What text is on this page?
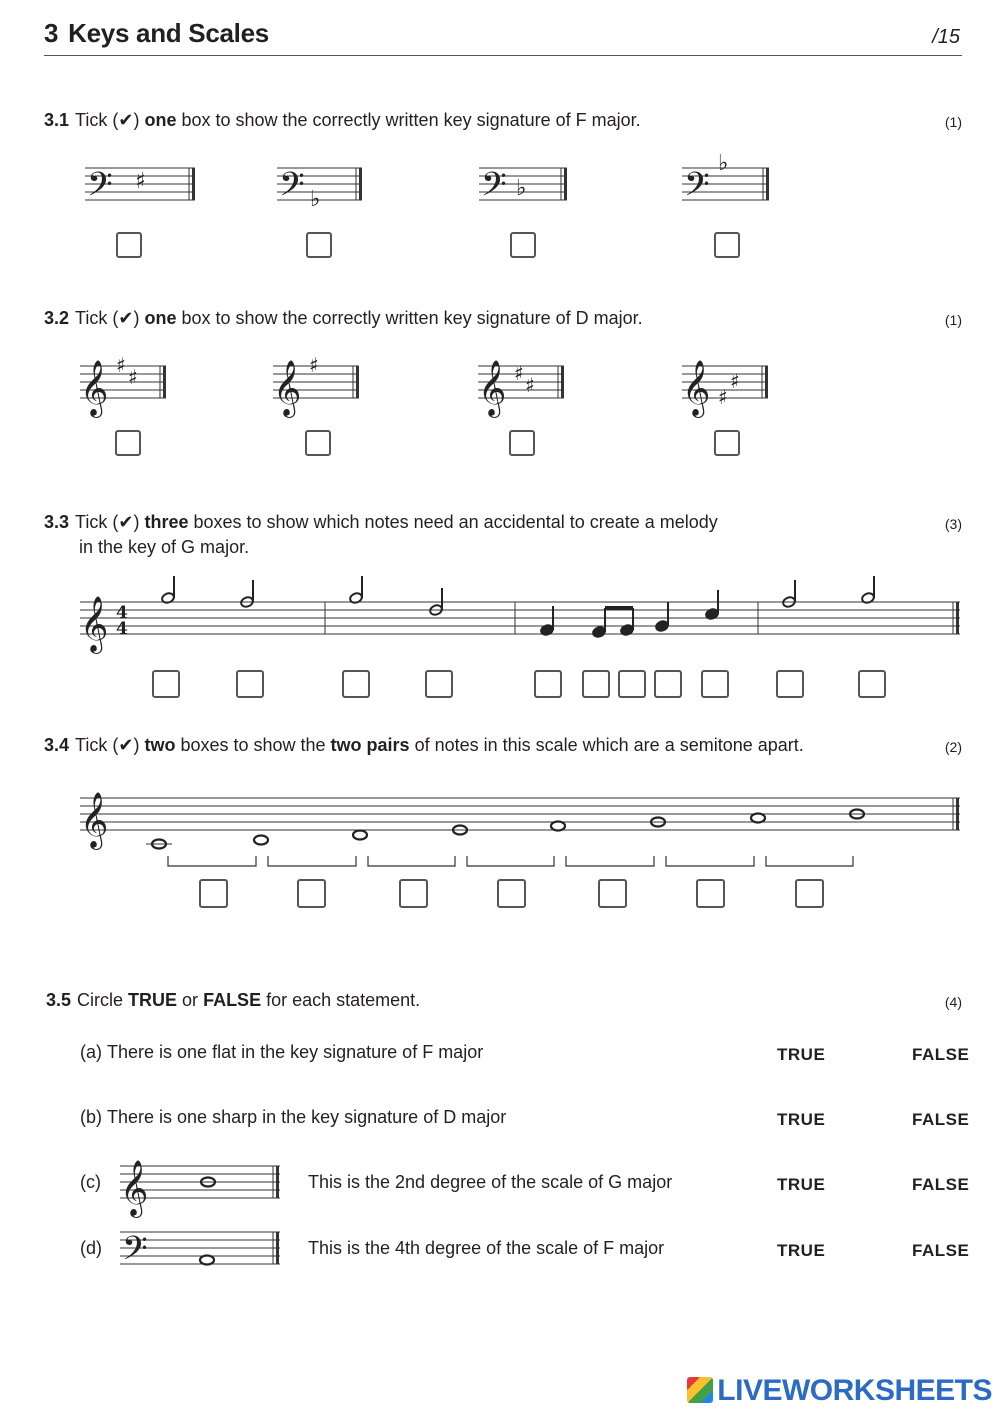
3 Keys and Scales	/15
3.1 Tick (✔) one box to show the correctly written key signature of F major.	(1)
𝄢 ♯	𝄢 ♭	𝄢 ♭	𝄢
♭
3.2 Tick (✔) one box to show the correctly written key signature of D major.	(1)
𝄞 ♯ ♯	𝄞 ♯	𝄞 ♯ ♯	𝄞 ♯
♯
3.3 Tick (✔) three boxes to show which notes need an accidental to create a melody
in the key of G major.
(3)
𝄞 4
4
3.4 Tick (✔) two boxes to show the two pairs of notes in this scale which are a semitone apart.	(2)
𝄞
3.5 Circle TRUE or FALSE for each statement.	(4)
(a) There is one flat in the key signature of F major	TRUE	FALSE
(b) There is one sharp in the key signature of D major	TRUE	FALSE
(c) 𝄞	This is the 2nd degree of the scale of G major	TRUE	FALSE
(d) 𝄢	This is the 4th degree of the scale of F major	TRUE	FALSE
LIVEWORKSHEETS
